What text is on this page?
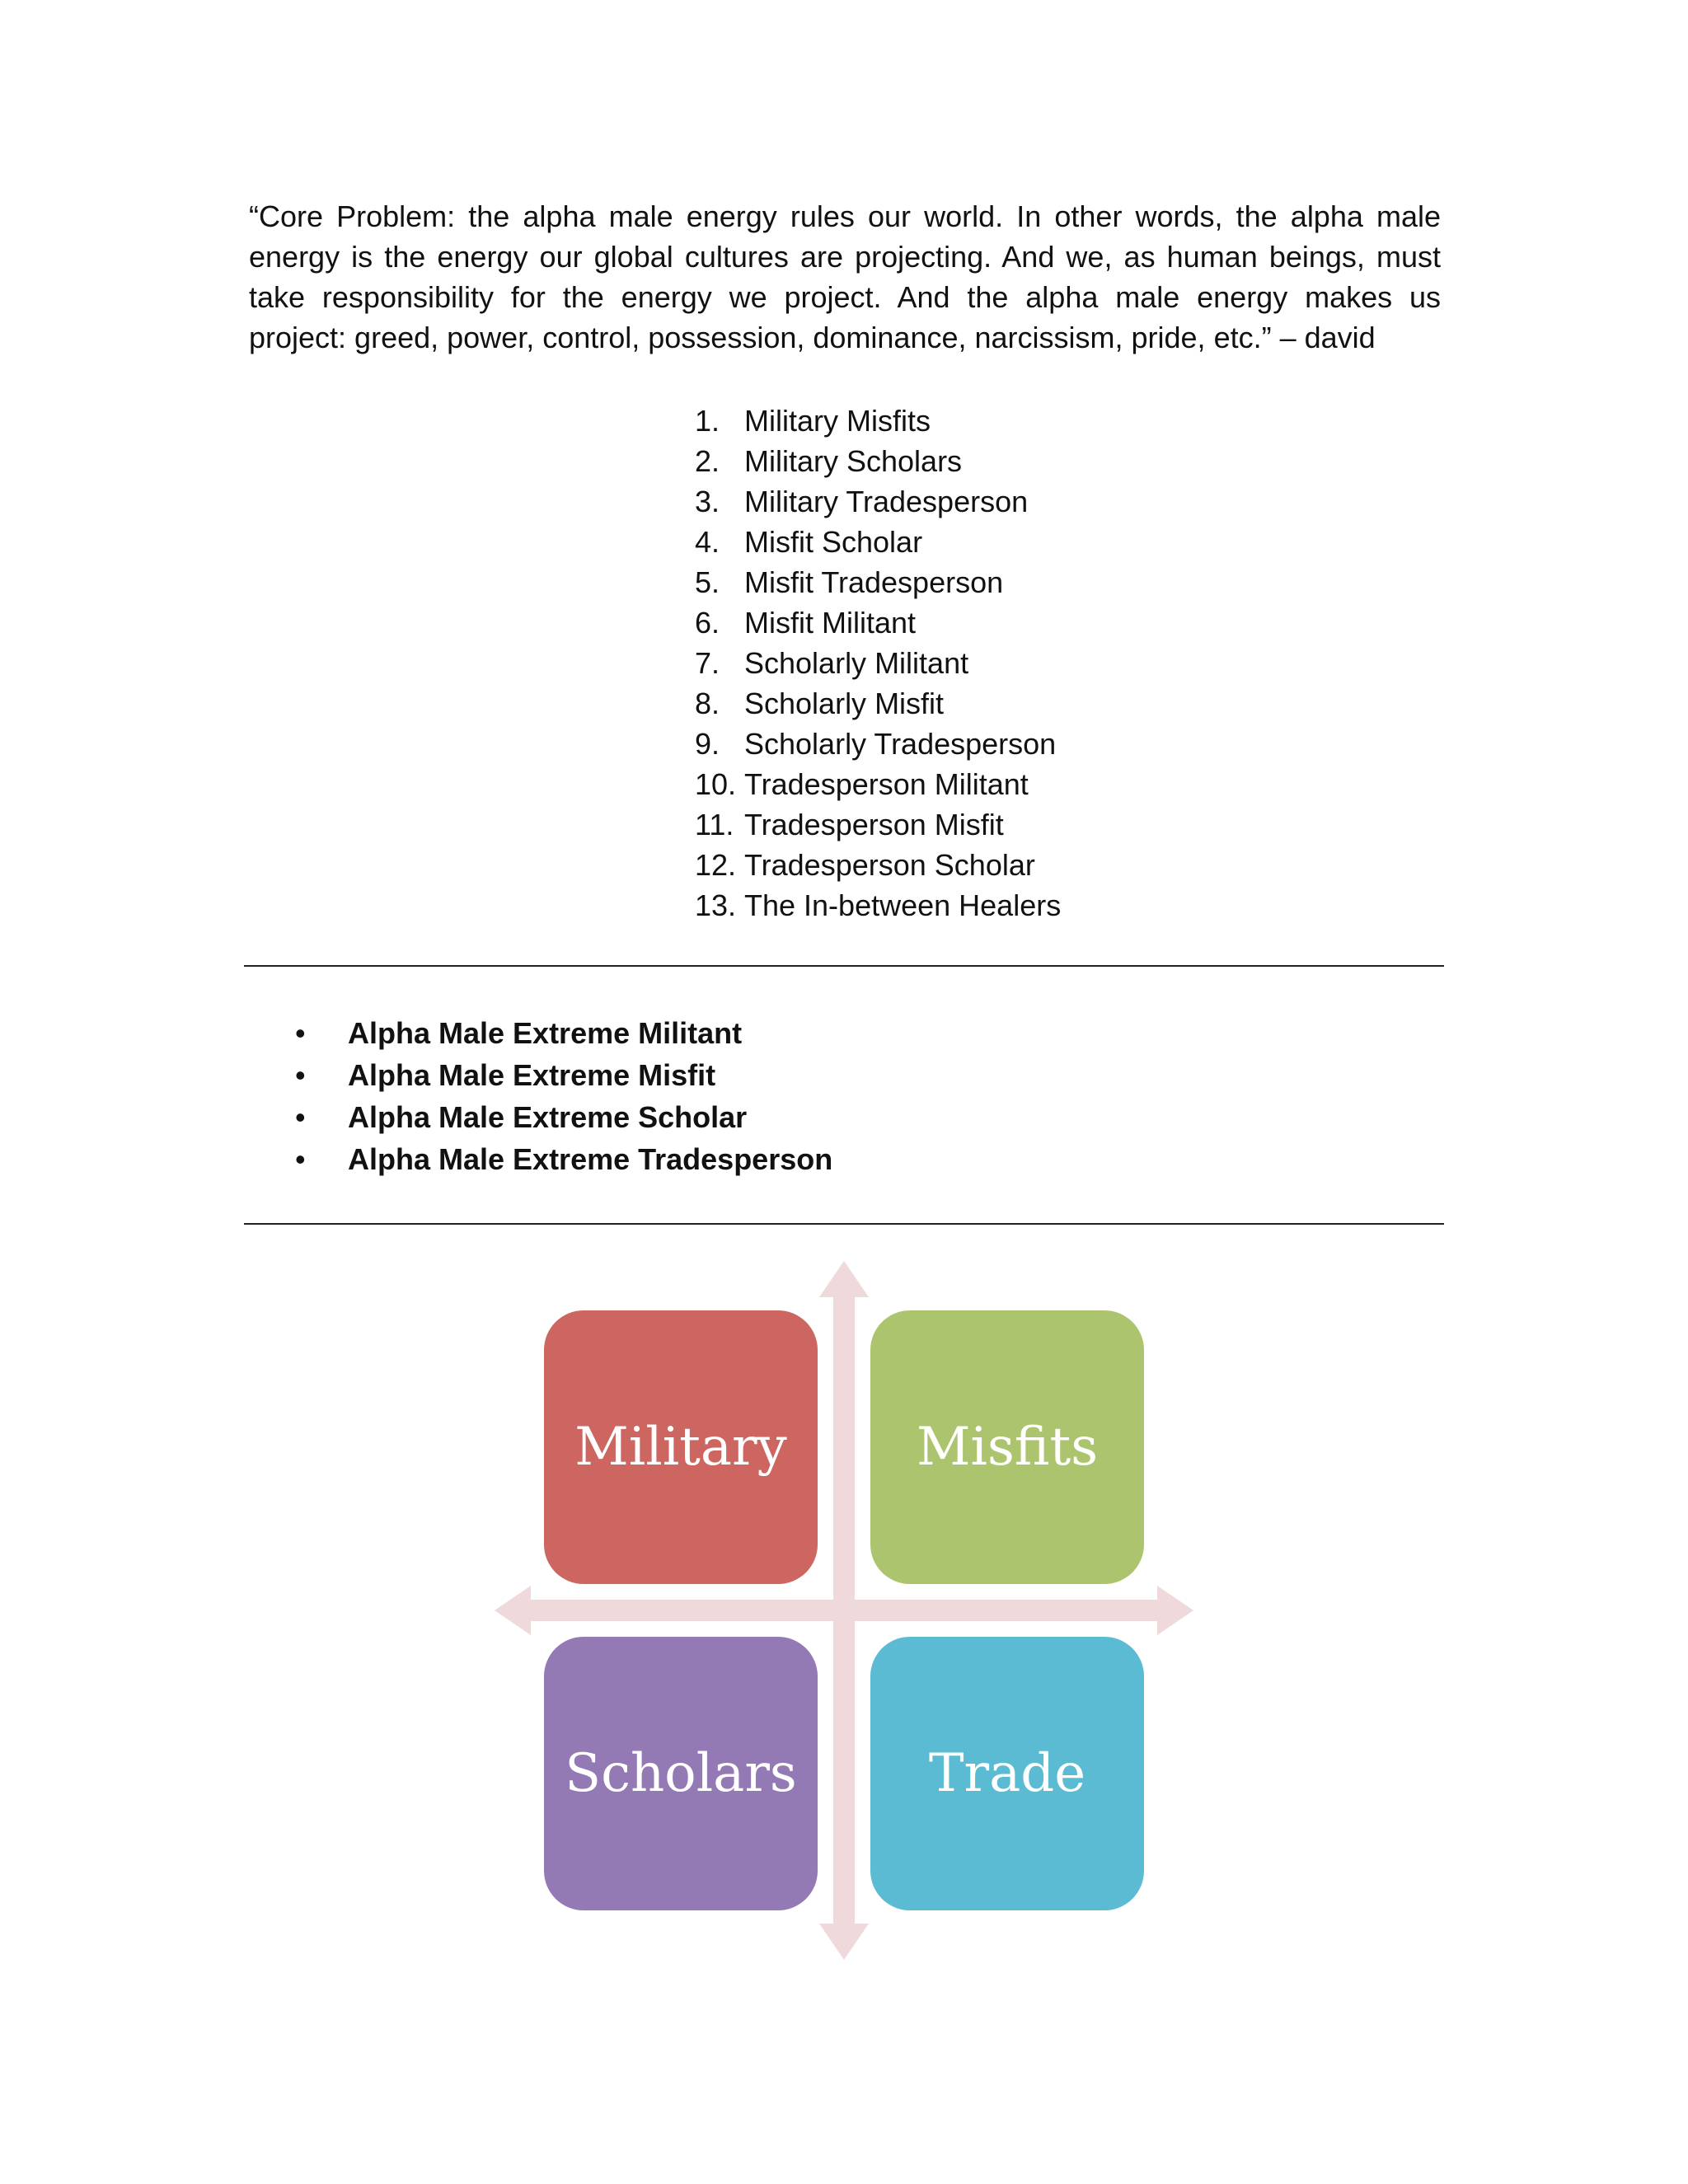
“Core Problem: the alpha male energy rules our world. In other words, the alpha male
energy is the energy our global cultures are projecting. And we, as human beings, must
take responsibility for the energy we project. And the alpha male energy makes us
project: greed, power, control, possession, dominance, narcissism, pride, etc.” – david

1. Military Misfits
2. Military Scholars
3. Military Tradesperson
4. Misfit Scholar
5. Misfit Tradesperson
6. Misfit Militant
7. Scholarly Militant
8. Scholarly Misfit
9. Scholarly Tradesperson
10. Tradesperson Militant
11. Tradesperson Misfit
12. Tradesperson Scholar
13. The In-between Healers
•	Alpha Male Extreme Militant
•	Alpha Male Extreme Misfit
•	Alpha Male Extreme Scholar
•	Alpha Male Extreme Tradesperson
Military Misfits
Scholars	Trade
